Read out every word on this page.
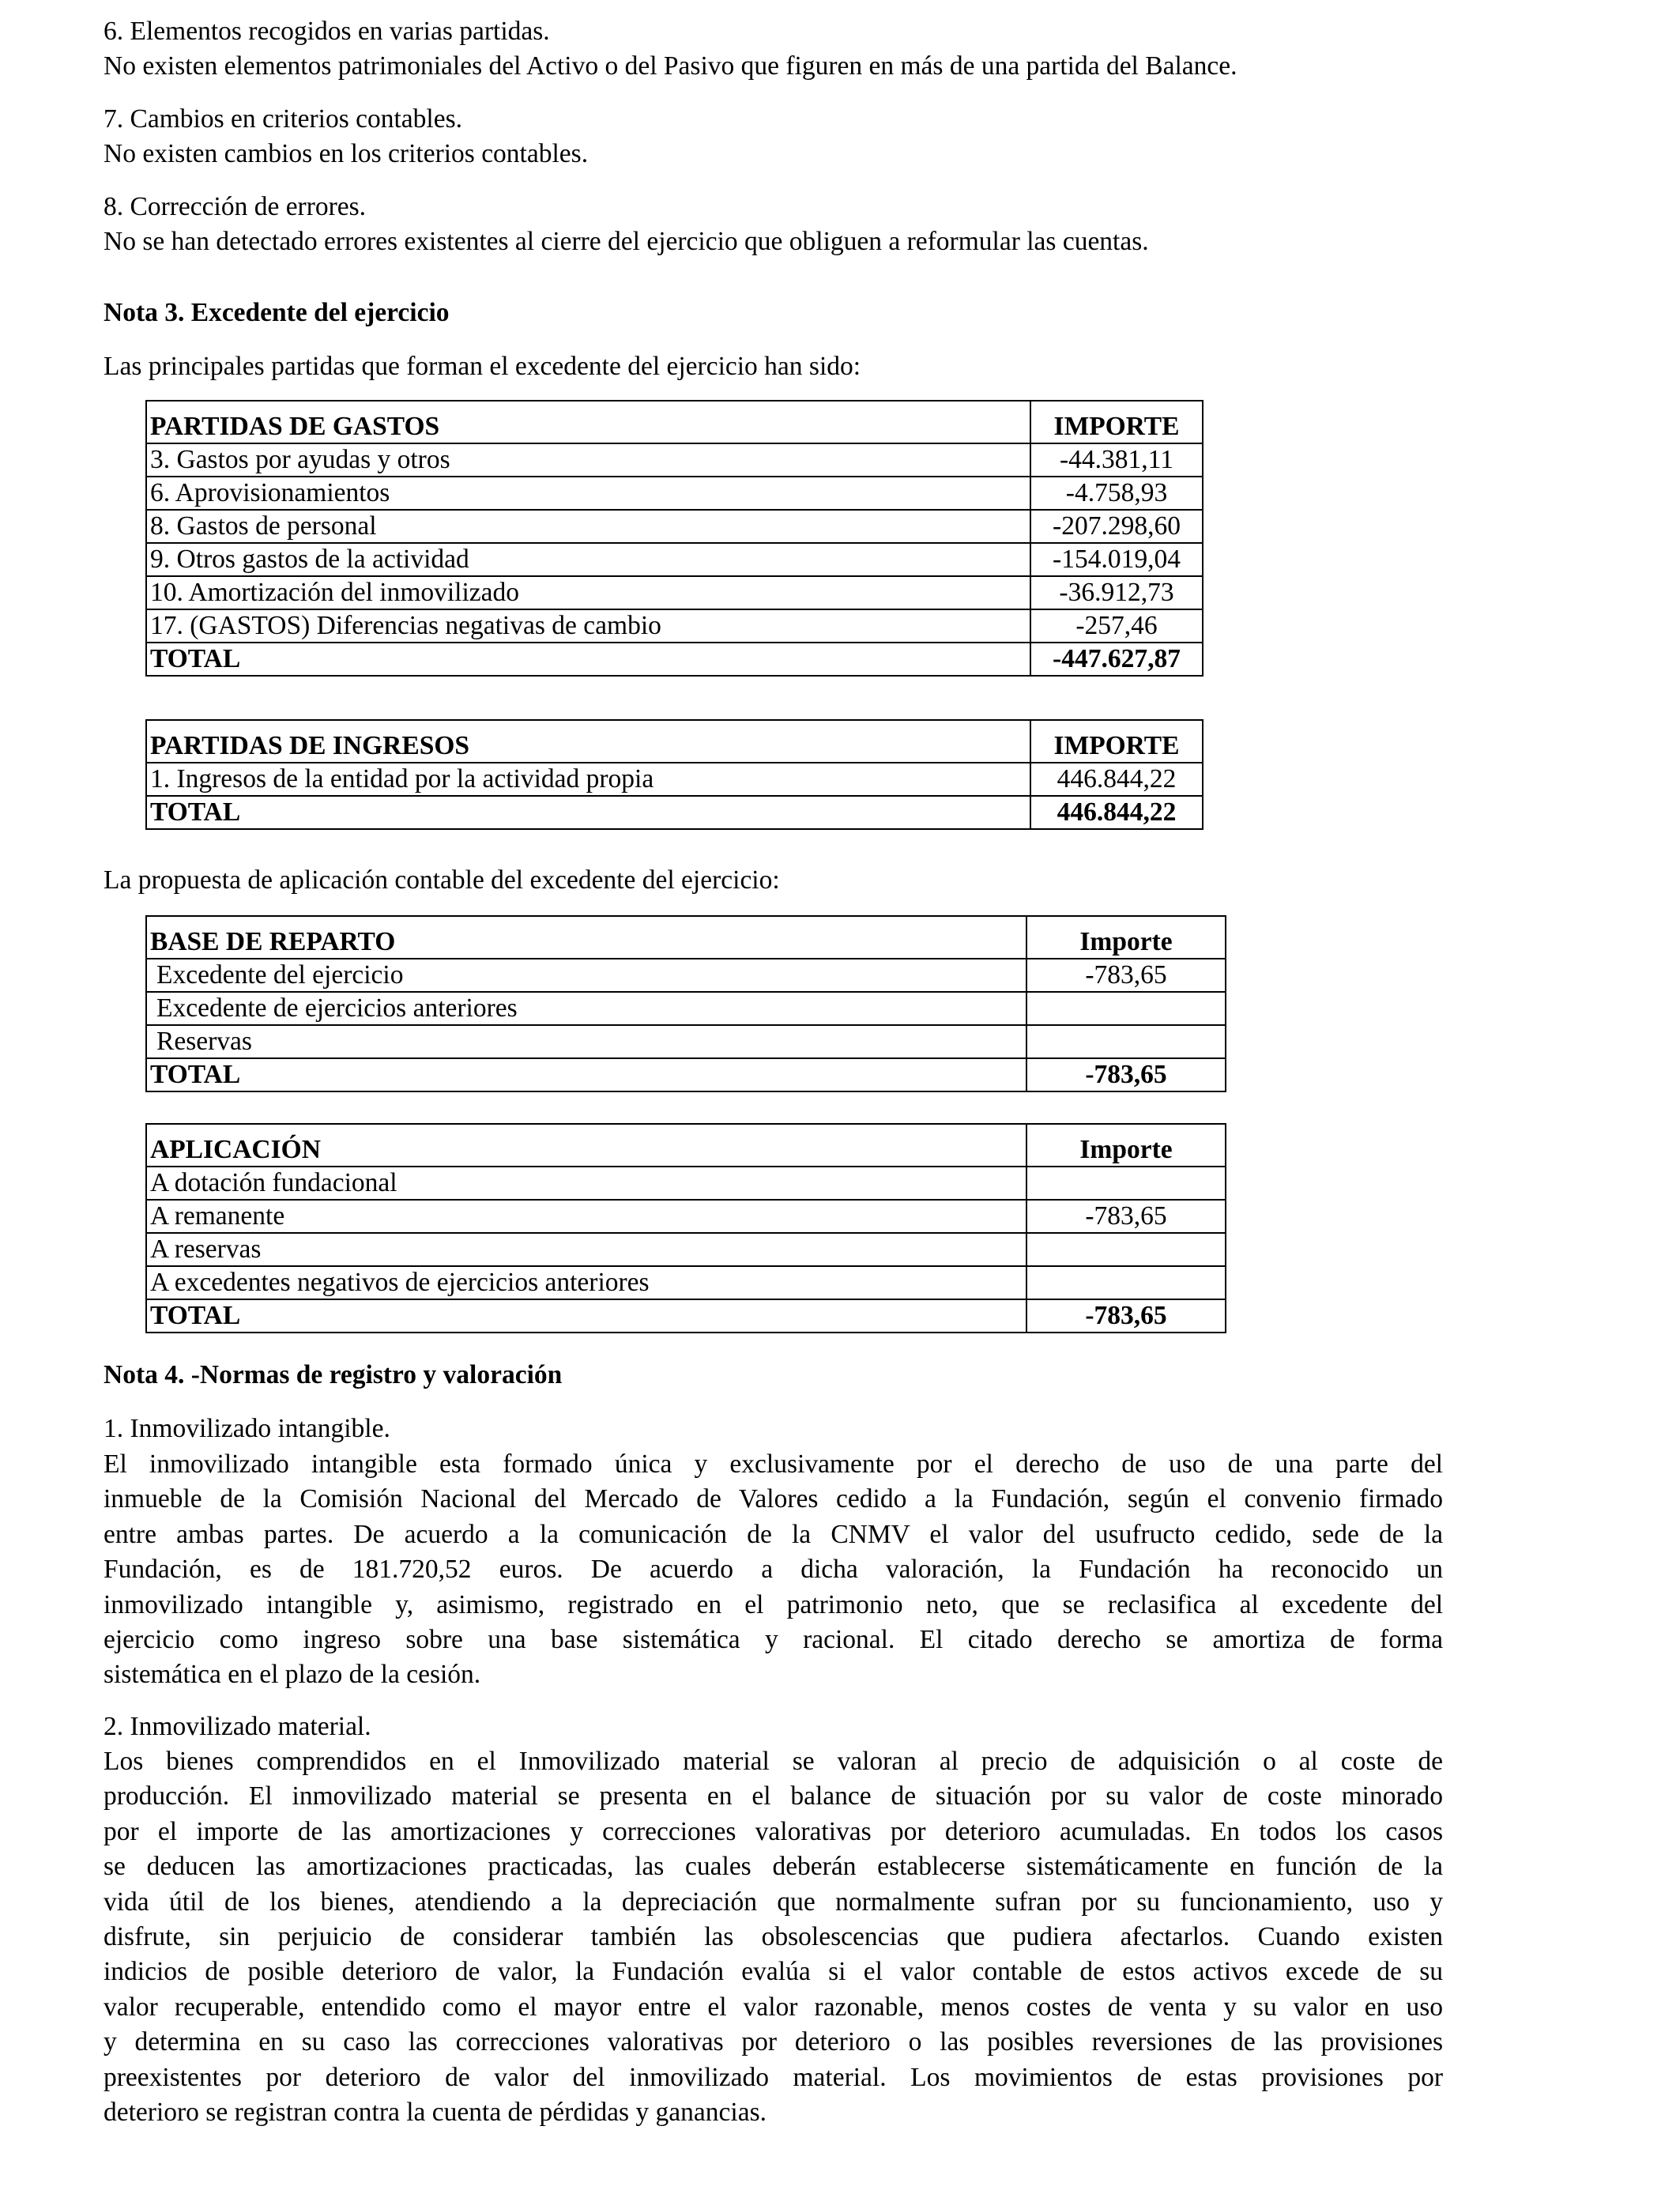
6. Elementos recogidos en varias partidas.
No existen elementos patrimoniales del Activo o del Pasivo que figuren en más de una partida del Balance.
7. Cambios en criterios contables.
No existen cambios en los criterios contables.
8. Corrección de errores.
No se han detectado errores existentes al cierre del ejercicio que obliguen a reformular las cuentas.
Nota 3. Excedente del ejercicio
Las principales partidas que forman el excedente del ejercicio han sido:
PARTIDAS DE GASTOS	IMPORTE
3. Gastos por ayudas y otros	-44.381,11
6. Aprovisionamientos	-4.758,93
8. Gastos de personal	-207.298,60
9. Otros gastos de la actividad	-154.019,04
10. Amortización del inmovilizado	-36.912,73
17. (GASTOS) Diferencias negativas de cambio	-257,46
TOTAL	-447.627,87
PARTIDAS DE INGRESOS	IMPORTE
1. Ingresos de la entidad por la actividad propia	446.844,22
TOTAL	446.844,22
La propuesta de aplicación contable del excedente del ejercicio:
BASE DE REPARTO	Importe
Excedente del ejercicio	-783,65
Excedente de ejercicios anteriores	
Reservas	
TOTAL	-783,65
APLICACIÓN	Importe
A dotación fundacional	
A remanente	-783,65
A reservas	
A excedentes negativos de ejercicios anteriores	
TOTAL	-783,65
Nota 4. -Normas de registro y valoración
1. Inmovilizado intangible.
El inmovilizado intangible esta formado única y exclusivamente por el derecho de uso de una parte del
inmueble de la Comisión Nacional del Mercado de Valores cedido a la Fundación, según el convenio firmado
entre ambas partes. De acuerdo a la comunicación de la CNMV el valor del usufructo cedido, sede de la
Fundación, es de 181.720,52 euros. De acuerdo a dicha valoración, la Fundación ha reconocido un
inmovilizado intangible y, asimismo, registrado en el patrimonio neto, que se reclasifica al excedente del
ejercicio como ingreso sobre una base sistemática y racional. El citado derecho se amortiza de forma
sistemática en el plazo de la cesión.
2. Inmovilizado material.
Los bienes comprendidos en el Inmovilizado material se valoran al precio de adquisición o al coste de
producción. El inmovilizado material se presenta en el balance de situación por su valor de coste minorado
por el importe de las amortizaciones y correcciones valorativas por deterioro acumuladas. En todos los casos
se deducen las amortizaciones practicadas, las cuales deberán establecerse sistemáticamente en función de la
vida útil de los bienes, atendiendo a la depreciación que normalmente sufran por su funcionamiento, uso y
disfrute, sin perjuicio de considerar también las obsolescencias que pudiera afectarlos. Cuando existen
indicios de posible deterioro de valor, la Fundación evalúa si el valor contable de estos activos excede de su
valor recuperable, entendido como el mayor entre el valor razonable, menos costes de venta y su valor en uso
y determina en su caso las correcciones valorativas por deterioro o las posibles reversiones de las provisiones
preexistentes por deterioro de valor del inmovilizado material. Los movimientos de estas provisiones por
deterioro se registran contra la cuenta de pérdidas y ganancias.
